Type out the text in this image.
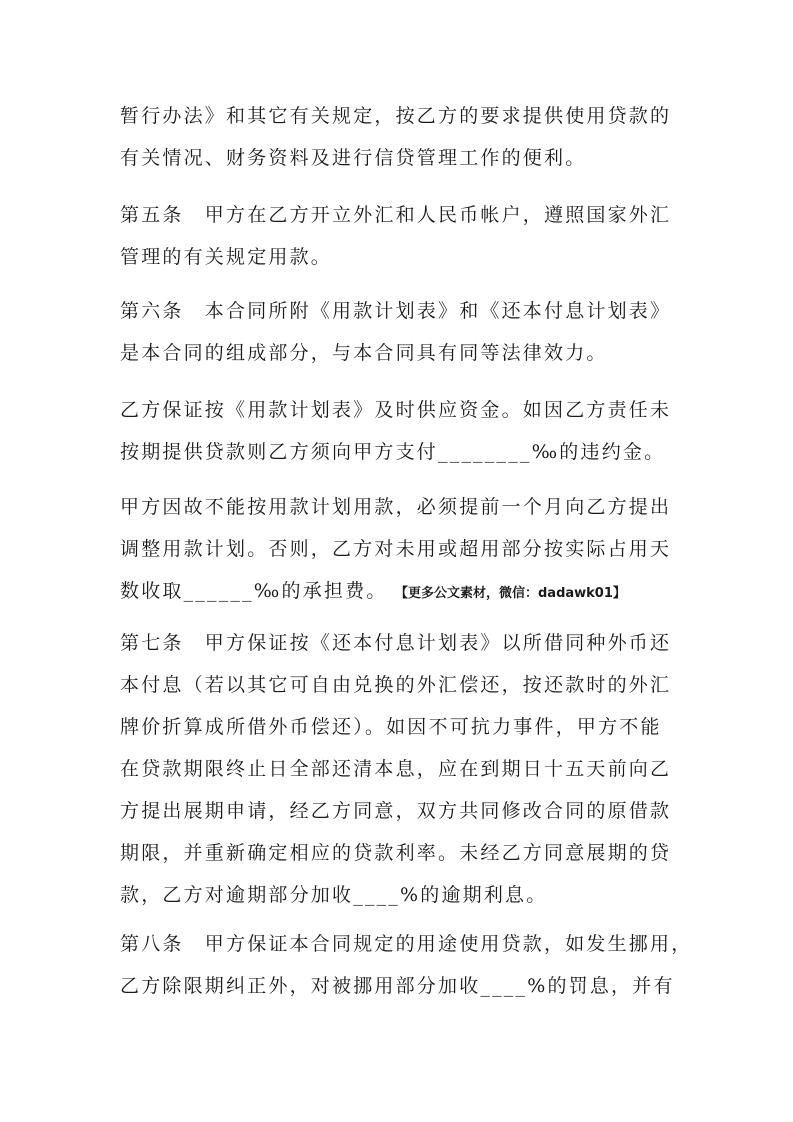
暂行办法》和其它有关规定，按乙方的要求提供使用贷款的
有关情况、财务资料及进行信贷管理工作的便利。
第五条　甲方在乙方开立外汇和人民币帐户，遵照国家外汇
管理的有关规定用款。
第六条　本合同所附《用款计划表》和《还本付息计划表》
是本合同的组成部分，与本合同具有同等法律效力。
乙方保证按《用款计划表》及时供应资金。如因乙方责任未
按期提供贷款则乙方须向甲方支付________‰的违约金。
甲方因故不能按用款计划用款，必须提前一个月向乙方提出
调整用款计划。否则，乙方对未用或超用部分按实际占用天
数收取______‰的承担费。 【更多公文素材，微信：dadawk01】
第七条　甲方保证按《还本付息计划表》以所借同种外币还
本付息（若以其它可自由兑换的外汇偿还，按还款时的外汇
牌价折算成所借外币偿还）。如因不可抗力事件，甲方不能
在贷款期限终止日全部还清本息，应在到期日十五天前向乙
方提出展期申请，经乙方同意，双方共同修改合同的原借款
期限，并重新确定相应的贷款利率。未经乙方同意展期的贷
款，乙方对逾期部分加收____%的逾期利息。
第八条　甲方保证本合同规定的用途使用贷款，如发生挪用，
乙方除限期纠正外，对被挪用部分加收____%的罚息，并有
